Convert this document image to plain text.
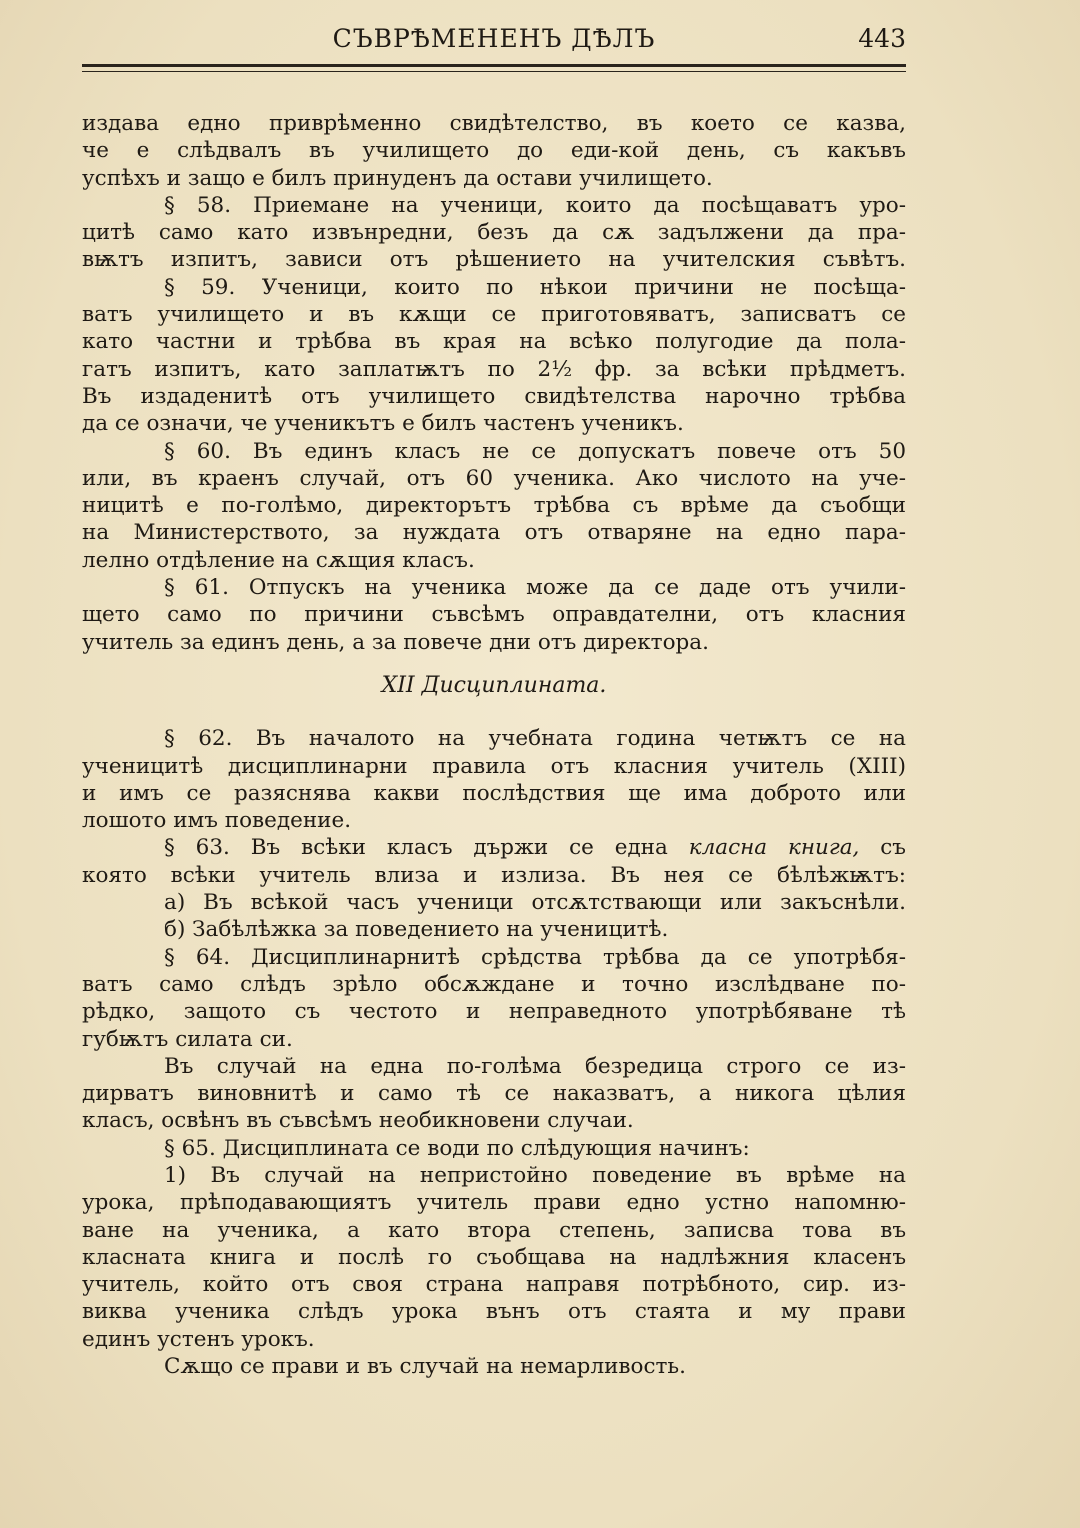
СЪВРѢМЕНЕНЪ ДѢЛЪ	443
издава едно приврѣменно свидѣтелство, въ което се казва,
че е слѣдвалъ въ училището до еди-кой день, съ какъвъ
успѣхъ и защо е билъ принуденъ да остави училището.
§ 58. Приемане на ученици, които да посѣщаватъ уро-
цитѣ само като извънредни, безъ да сѫ задължени да пра-
вѭтъ изпитъ, зависи отъ рѣшението на учителския съвѣтъ.
§ 59. Ученици, които по нѣкои причини не посѣща-
ватъ училището и въ кѫщи се приготовяватъ, записватъ се
като частни и трѣбва въ края на всѣко полугодие да пола-
гатъ изпитъ, като заплатѭтъ по 2½ фр. за всѣки прѣдметъ.
Въ издаденитѣ отъ училището свидѣтелства нарочно трѣбва
да се означи, че ученикътъ е билъ частенъ ученикъ.
§ 60. Въ единъ класъ не се допускатъ повече отъ 50
или, въ краенъ случай, отъ 60 ученика. Ако числото на уче-
ницитѣ е по-голѣмо, директорътъ трѣбва съ врѣме да съобщи
на Министерството, за нуждата отъ отваряне на едно пара-
лелно отдѣление на сѫщия класъ.
§ 61. Отпускъ на ученика може да се даде отъ учили-
щето само по причини съвсѣмъ оправдателни, отъ класния
учитель за единъ день, а за повече дни отъ директора.
XII Дисциплината.
§ 62. Въ началото на учебната година четѭтъ се на
ученицитѣ дисциплинарни правила отъ класния учитель (XIII)
и имъ се разяснява какви послѣдствия ще има доброто или
лошото имъ поведение.
§ 63. Въ всѣки класъ държи се една класна книга, съ
която всѣки учитель влиза и излиза. Въ нея се бѣлѣжѭтъ:
а) Въ всѣкой часъ ученици отсѫтствающи или закъснѣли.
б) Забѣлѣжка за поведението на ученицитѣ.
§ 64. Дисциплинарнитѣ срѣдства трѣбва да се употрѣбя-
ватъ само слѣдъ зрѣло обсѫждане и точно изслѣдване по-
рѣдко, защото съ честото и неправедното употрѣбяване тѣ
губѭтъ силата си.
Въ случай на една по-голѣма безредица строго се из-
дирватъ виновнитѣ и само тѣ се наказватъ, а никога цѣлия
класъ, освѣнъ въ съвсѣмъ необикновени случаи.
§ 65. Дисциплината се води по слѣдующия начинъ:
1) Въ случай на непристойно поведение въ врѣме на
урока, прѣподавающиятъ учитель прави едно устно напомню-
ване на ученика, а като втора степень, записва това въ
класната книга и послѣ го съобщава на надлѣжния класенъ
учитель, който отъ своя страна направя потрѣбното, сир. из-
виква ученика слѣдъ урока вънъ отъ стаята и му прави
единъ устенъ урокъ.
Сѫщо се прави и въ случай на немарливость.
